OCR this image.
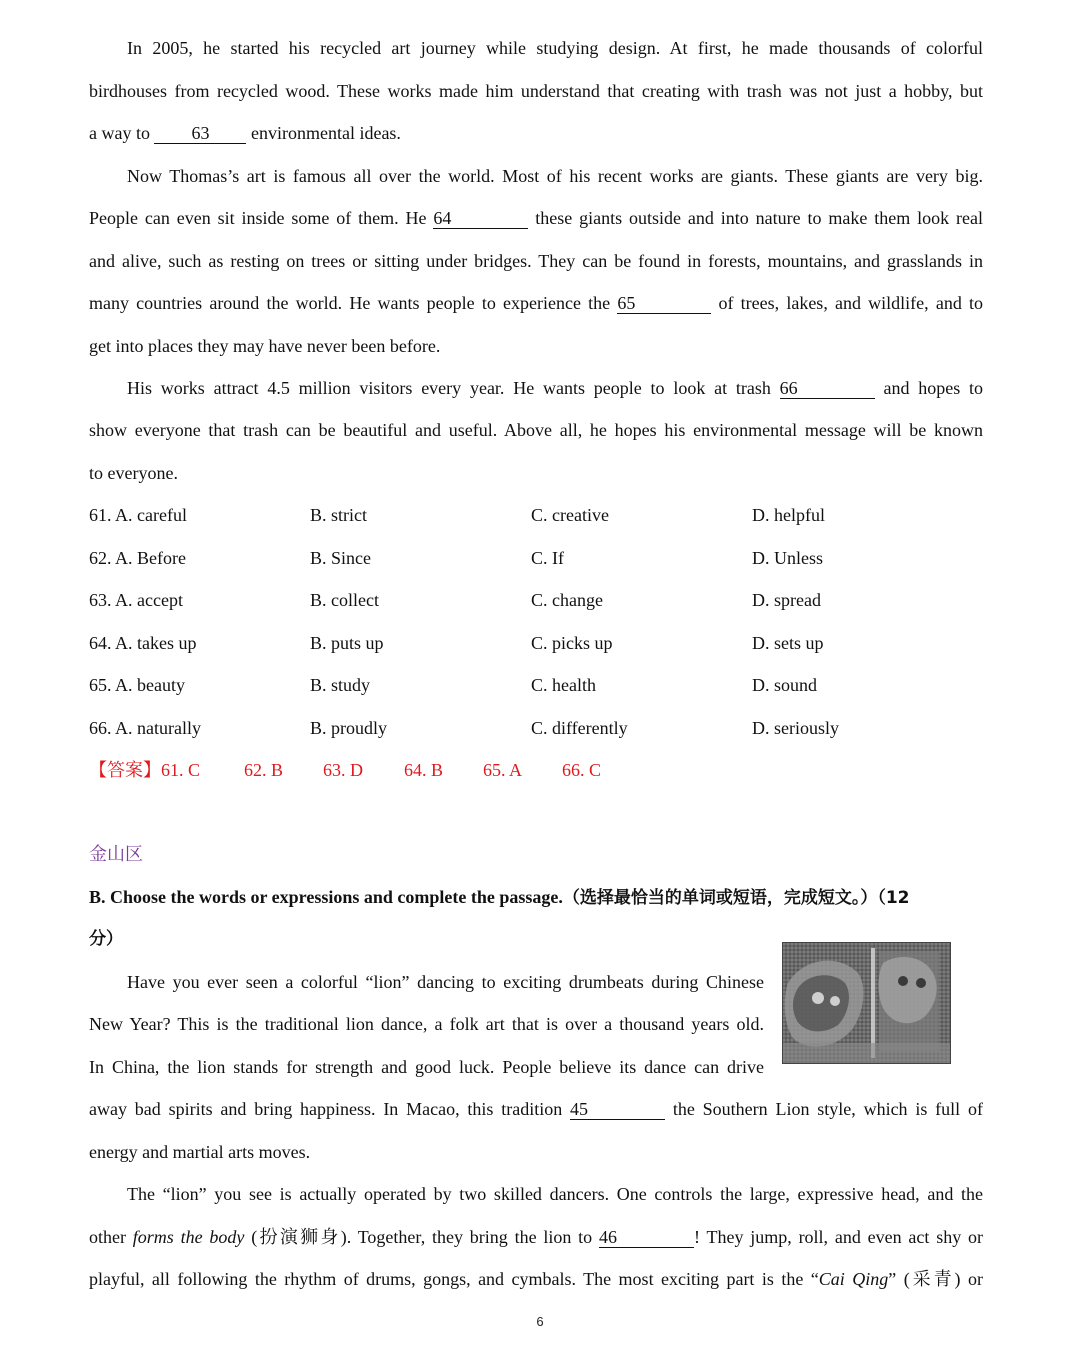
In 2005, he started his recycled art journey while studying design. At first, he made thousands of colorful
birdhouses from recycled wood. These works made him understand that creating with trash was not just a hobby, but
a way to 63 environmental ideas.
Now Thomas’s art is famous all over the world. Most of his recent works are giants. These giants are very big.
People can even sit inside some of them. He 64	these giants outside and into nature to make them look real
and alive, such as resting on trees or sitting under bridges. They can be found in forests, mountains, and grasslands in
many countries around the world. He wants people to experience the 65	of trees, lakes, and wildlife, and to
get into places they may have never been before.
His works attract 4.5 million visitors every year. He wants people to look at trash 66	and hopes to
show everyone that trash can be beautiful and useful. Above all, he hopes his environmental message will be known
to everyone.
61. A. careful	B. strict	C. creative	D. helpful
62. A. Before	B. Since	C. If	D. Unless
63. A. accept	B. collect	C. change	D. spread
64. A. takes up	B. puts up	C. picks up	D. sets up
65. A. beauty	B. study	C. health	D. sound
66. A. naturally	B. proudly	C. differently	D. seriously
【答案】61. C 62. B 63. D 64. B 65. A 66. C
金山区
B. Choose the words or expressions and complete the passage.（选择最恰当的单词或短语，完成短文。）（12
分）
Have you ever seen a colorful “lion” dancing to exciting drumbeats during Chinese
New Year? This is the traditional lion dance, a folk art that is over a thousand years old.
In China, the lion stands for strength and good luck. People believe its dance can drive
away bad spirits and bring happiness. In Macao, this tradition 45	the Southern Lion style, which is full of
energy and martial arts moves.
The “lion” you see is actually operated by two skilled dancers. One controls the large, expressive head, and the
other forms the body (扮演狮身). Together, they bring the lion to 46	! They jump, roll, and even act shy or
playful, all following the rhythm of drums, gongs, and cymbals. The most exciting part is the “Cai Qing” (采青) or
6
